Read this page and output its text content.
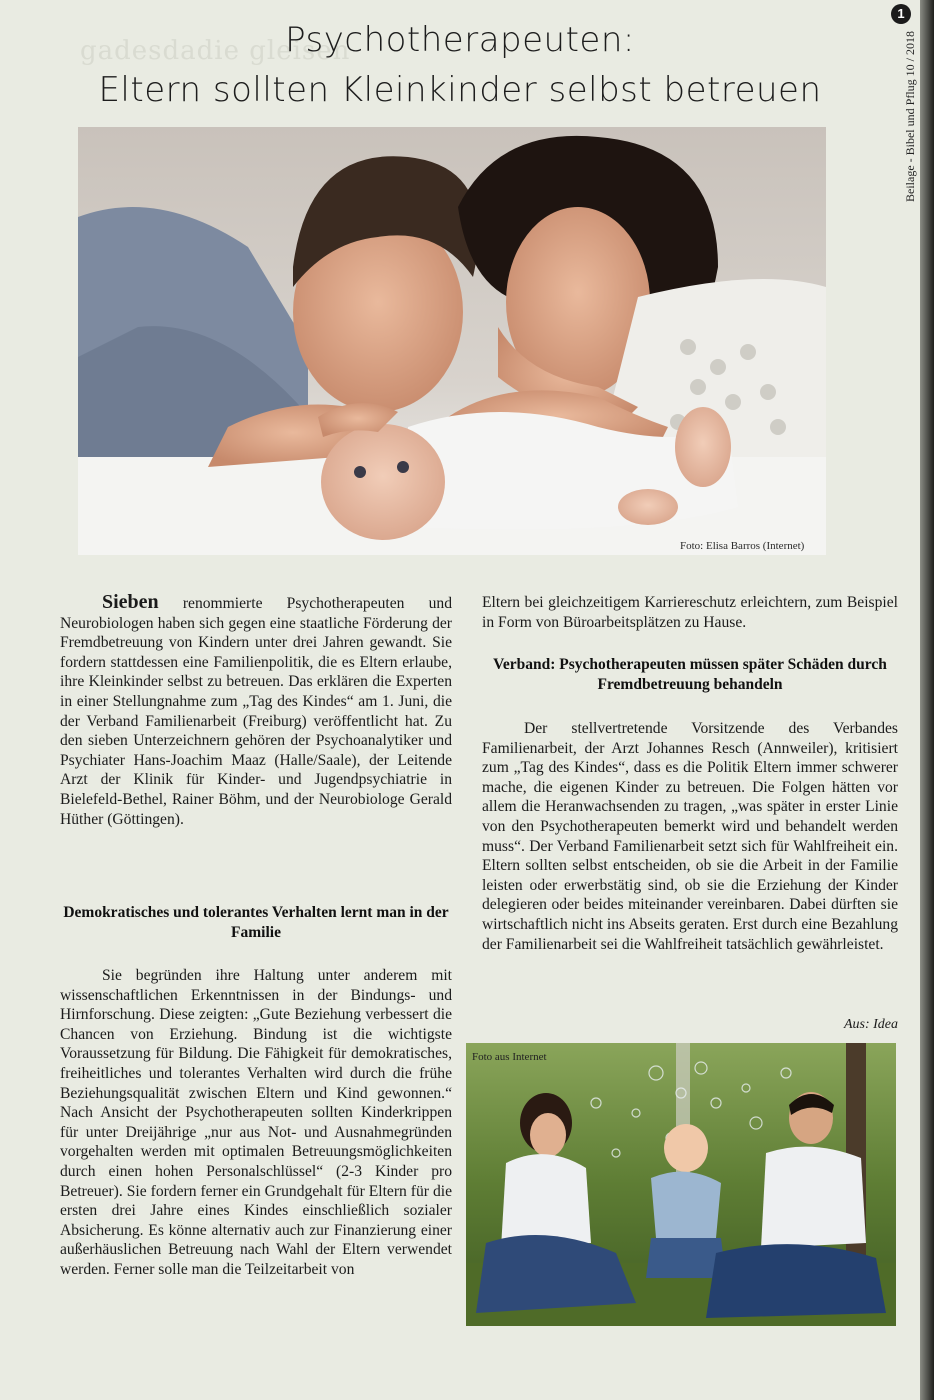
1
Beilage - Bibel und Pflug 10 / 2018
gadesdadie gleisen
Psychotherapeuten:
Eltern sollten Kleinkinder selbst betreuen
Foto: Elisa Barros (Internet)

Sieben renommierte Psychotherapeuten und Neurobiologen haben sich gegen eine staatliche Förderung der Fremdbetreuung von Kindern unter drei Jahren gewandt. Sie fordern stattdessen eine Familienpolitik, die es Eltern erlaube, ihre Kleinkinder selbst zu betreuen. Das erklären die Experten in einer Stellungnahme zum „Tag des Kindes“ am 1. Juni, die der Verband Familienarbeit (Freiburg) veröffentlicht hat. Zu den sieben Unterzeichnern gehören der Psychoanalytiker und Psychiater Hans-Joachim Maaz (Halle/Saale), der Leitende Arzt der Klinik für Kinder- und Jugendpsychiatrie in Bielefeld-Bethel, Rainer Böhm, und der Neurobiologe Gerald Hüther (Göttingen).

Demokratisches und tolerantes Verhalten lernt man in der Familie

Sie begründen ihre Haltung unter anderem mit wissenschaftlichen Erkenntnissen in der Bindungs- und Hirnforschung. Diese zeigten: „Gute Beziehung verbessert die Chancen von Erziehung. Bindung ist die wichtigste Voraussetzung für Bildung. Die Fähigkeit für demokratisches, freiheitliches und tolerantes Verhalten wird durch die frühe Beziehungsqualität zwischen Eltern und Kind gewonnen.“ Nach Ansicht der Psychotherapeuten sollten Kinderkrippen für unter Dreijährige „nur aus Not- und Ausnahmegründen vorgehalten werden mit optimalen Betreuungsmöglichkeiten durch einen hohen Personalschlüssel“ (2-3 Kinder pro Betreuer). Sie fordern ferner ein Grundgehalt für Eltern für die ersten drei Jahre eines Kindes einschließlich sozialer Absicherung. Es könne alternativ auch zur Finanzierung einer außerhäuslichen Betreuung nach Wahl der Eltern verwendet werden. Ferner solle man die Teilzeitarbeit von

Eltern bei gleichzeitigem Karriereschutz erleichtern, zum Beispiel in Form von Büroarbeitsplätzen zu Hause.

Verband: Psychotherapeuten müssen später Schäden durch Fremdbetreuung behandeln

Der stellvertretende Vorsitzende des Verbandes Familienarbeit, der Arzt Johannes Resch (Annweiler), kritisiert zum „Tag des Kindes“, dass es die Politik Eltern immer schwerer mache, die eigenen Kinder zu betreuen. Die Folgen hätten vor allem die Heranwachsenden zu tragen, „was später in erster Linie von den Psychotherapeuten bemerkt wird und behandelt werden muss“. Der Verband Familienarbeit setzt sich für Wahlfreiheit ein. Eltern sollten selbst entscheiden, ob sie die Arbeit in der Familie leisten oder erwerbstätig sind, ob sie die Erziehung der Kinder delegieren oder beides miteinander vereinbaren. Dabei dürften sie wirtschaftlich nicht ins Abseits geraten. Erst durch eine Bezahlung der Familienarbeit sei die Wahlfreiheit tatsächlich gewährleistet.

Aus: Idea
Foto aus Internet
